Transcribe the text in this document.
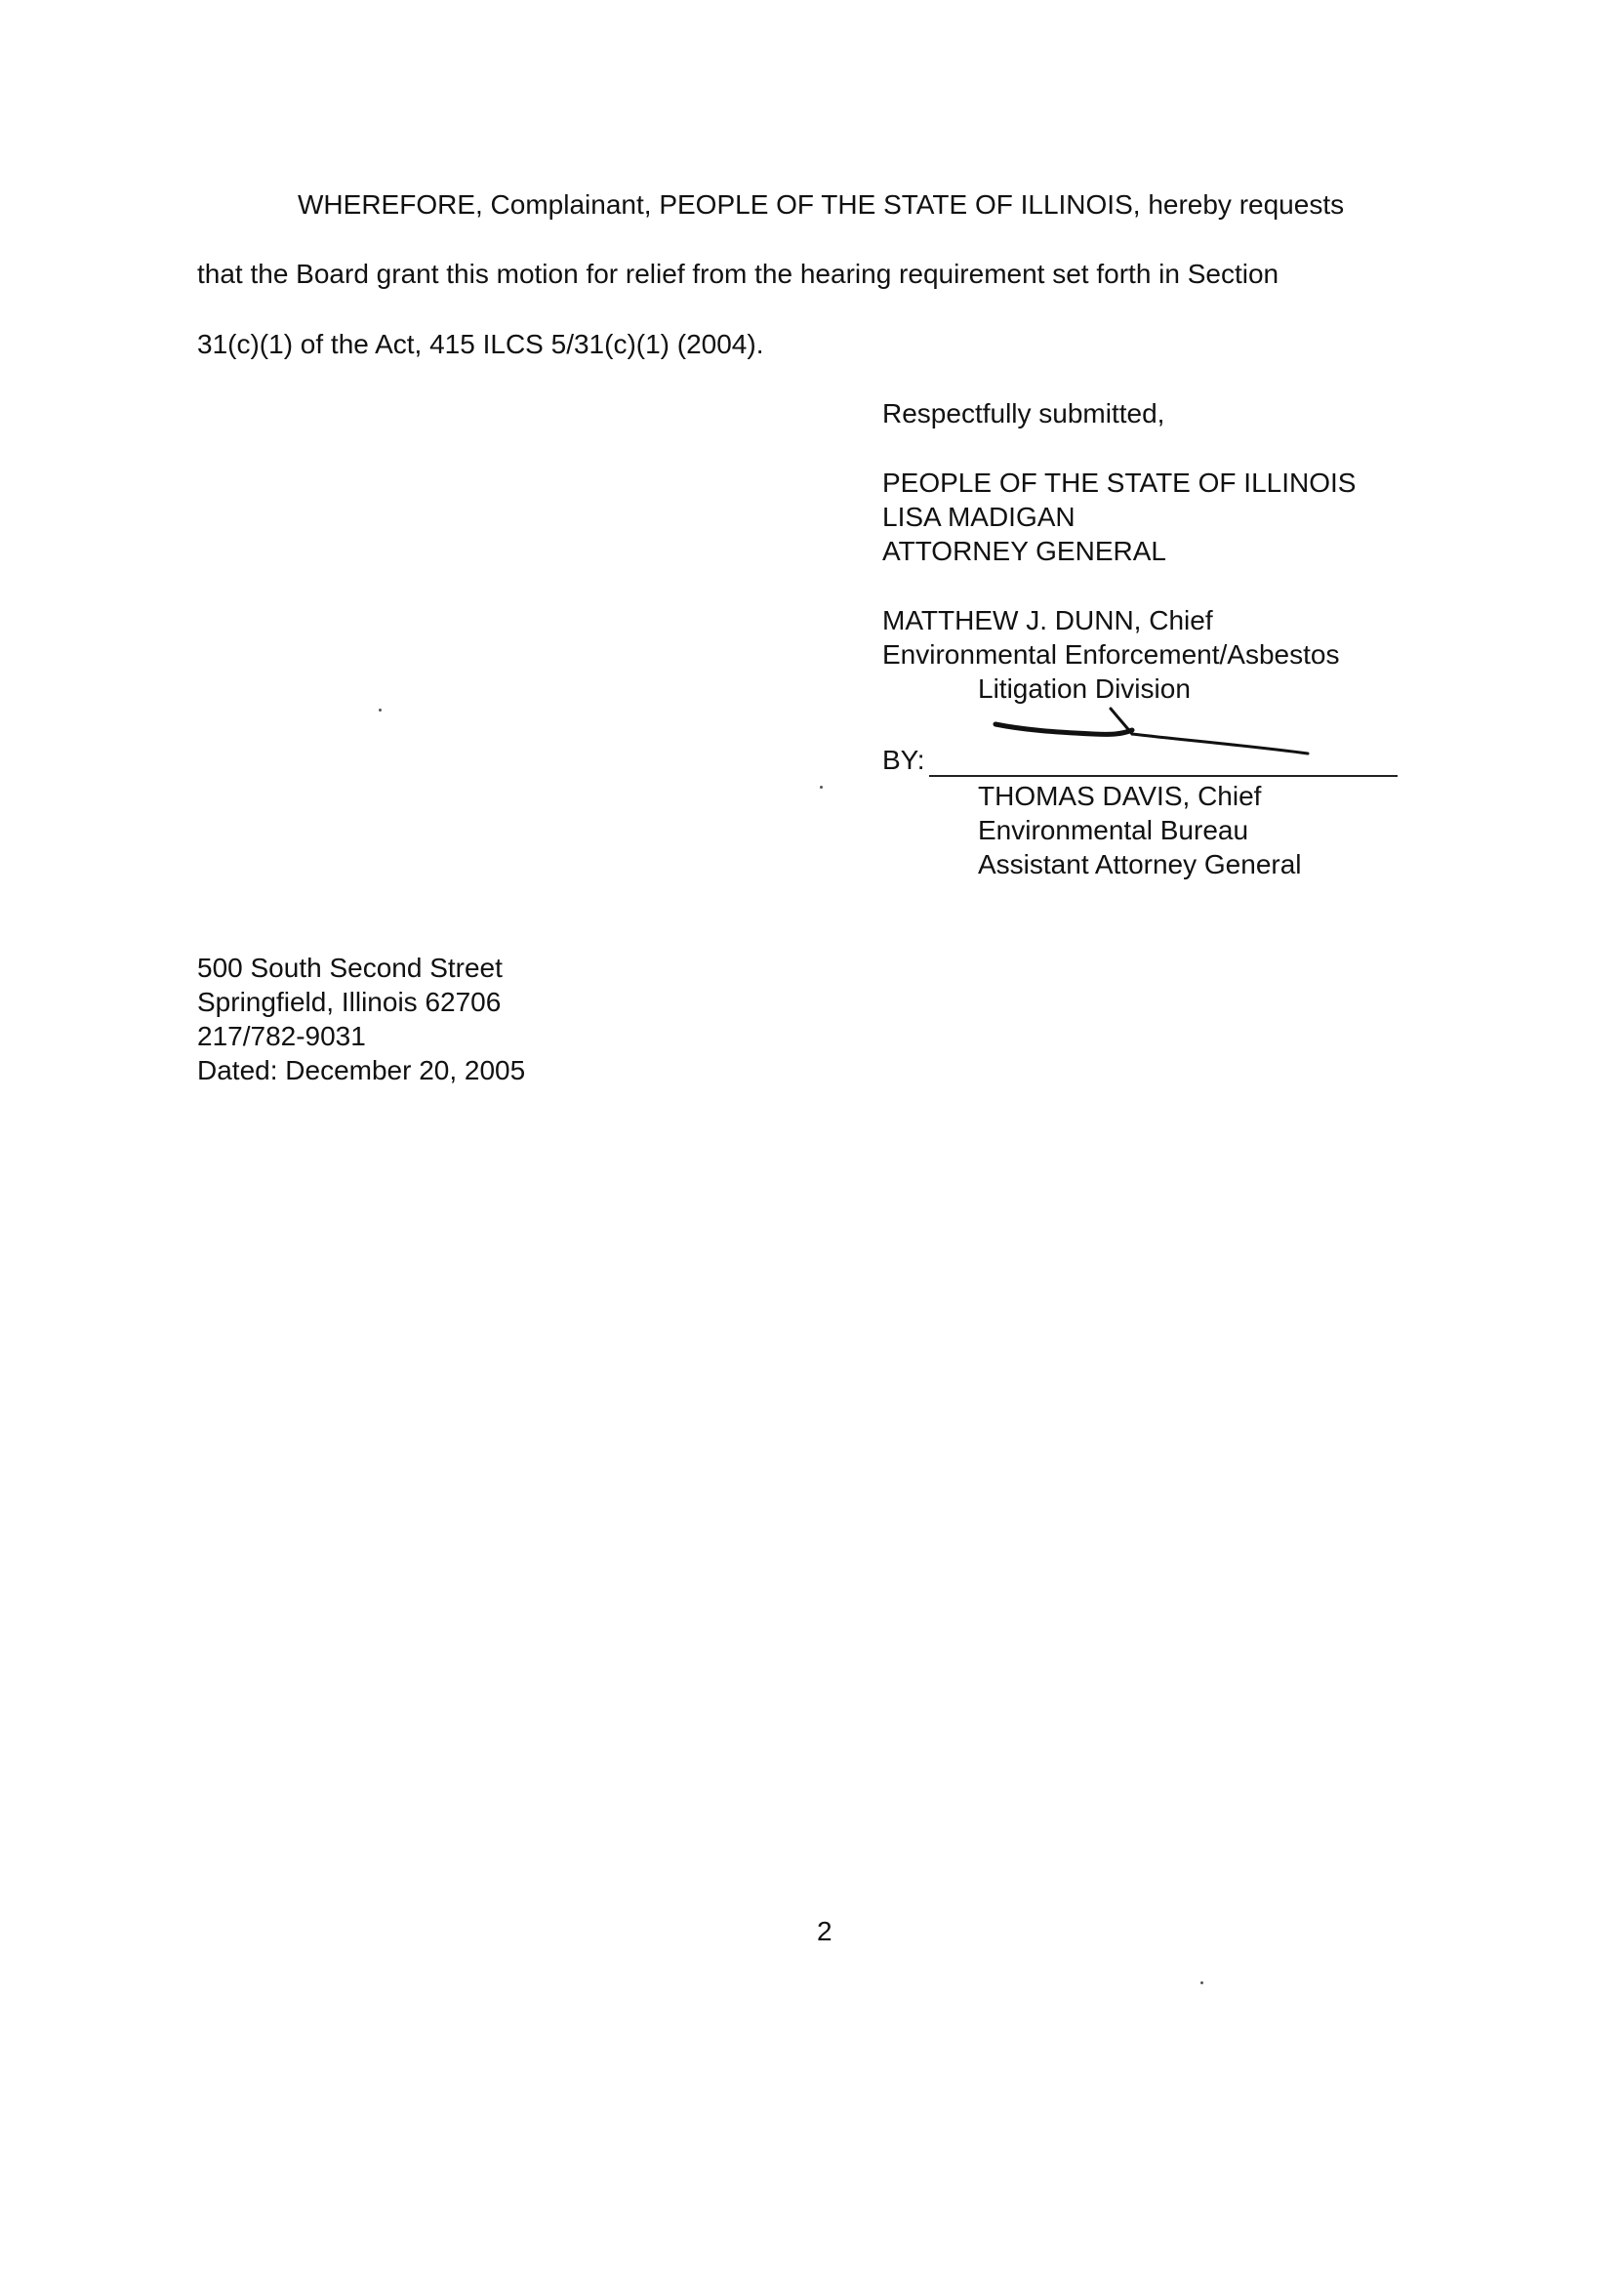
WHEREFORE, Complainant, PEOPLE OF THE STATE OF ILLINOIS, hereby requests
that the Board grant this motion for relief from the hearing requirement set forth in Section
31(c)(1) of the Act, 415 ILCS 5/31(c)(1) (2004).
Respectfully submitted,
PEOPLE OF THE STATE OF ILLINOIS
LISA MADIGAN
ATTORNEY GENERAL
MATTHEW J. DUNN, Chief
Environmental Enforcement/Asbestos
Litigation Division
BY:
THOMAS DAVIS, Chief
Environmental Bureau
Assistant Attorney General
500 South Second Street
Springfield, Illinois 62706
217/782-9031
Dated: December 20, 2005
2
